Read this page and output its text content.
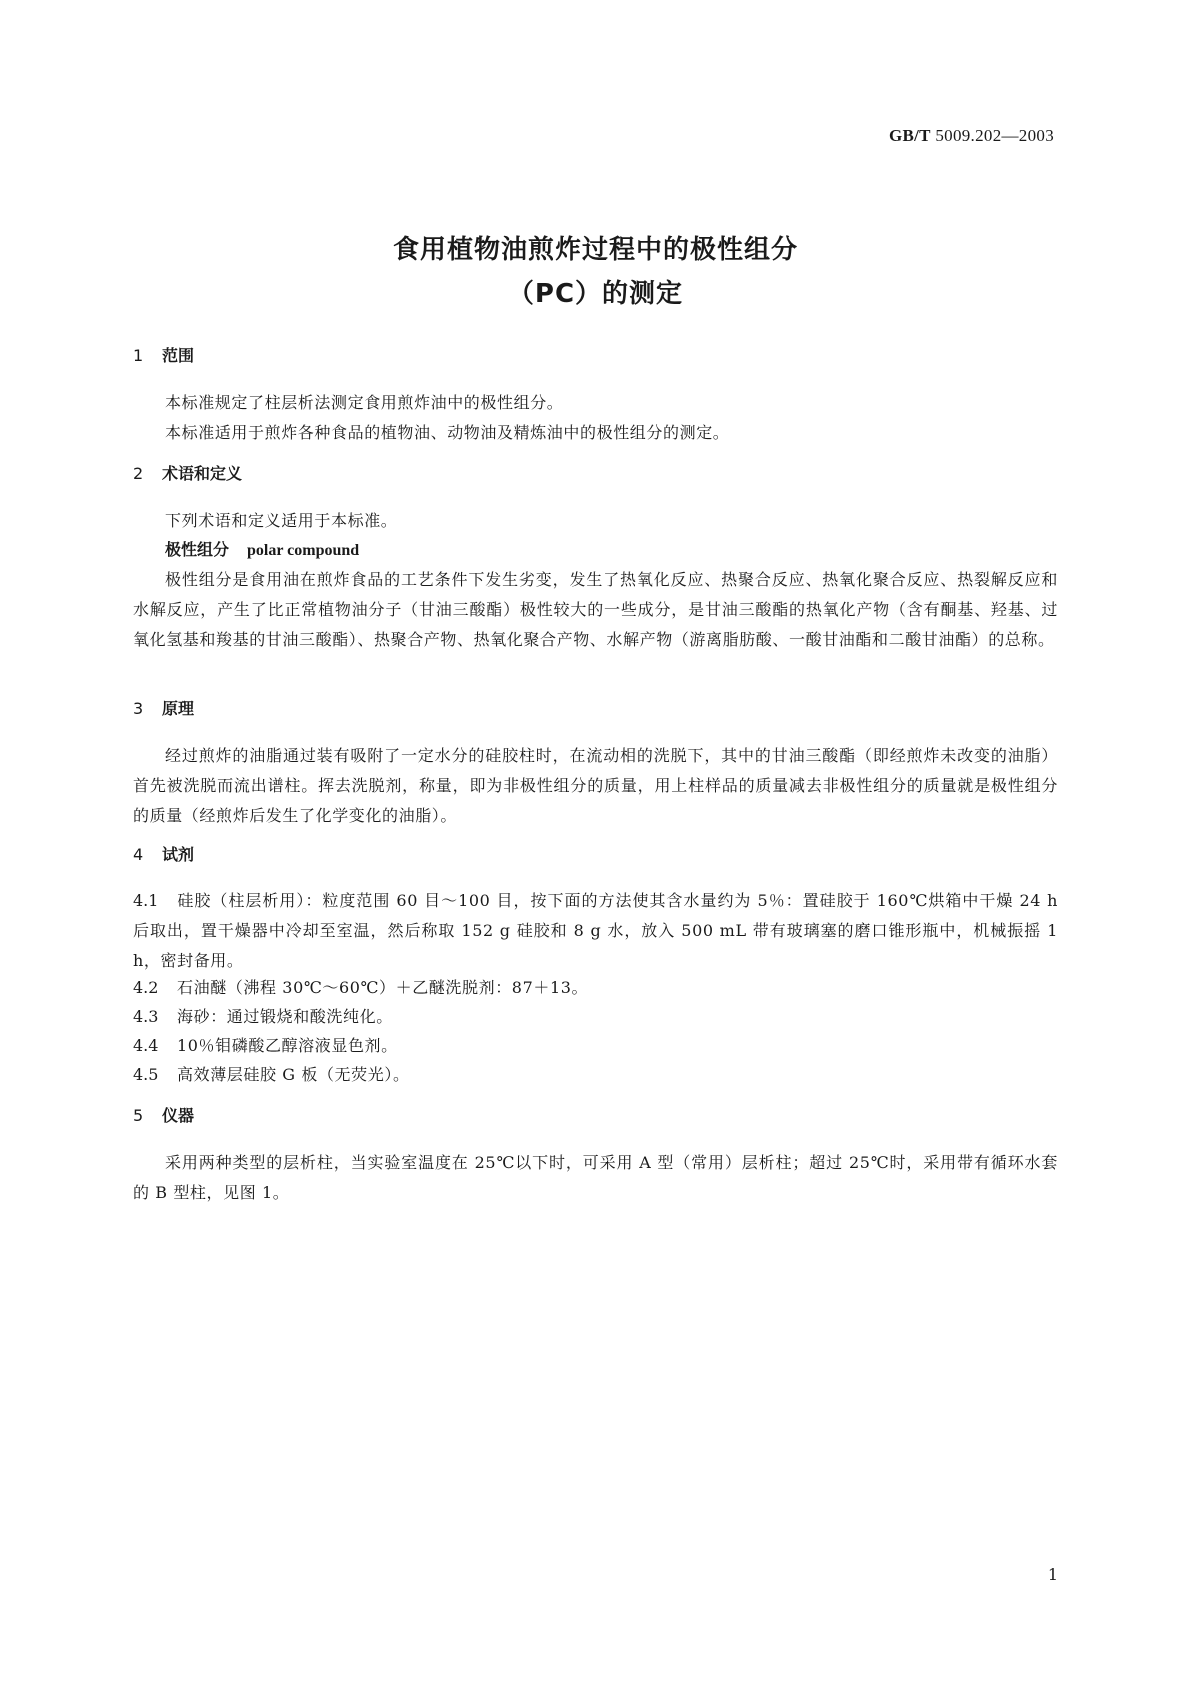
GB/T 5009.202—2003
食用植物油煎炸过程中的极性组分
（PC）的测定
1 范围
本标准规定了柱层析法测定食用煎炸油中的极性组分。
本标准适用于煎炸各种食品的植物油、动物油及精炼油中的极性组分的测定。
2 术语和定义
下列术语和定义适用于本标准。
极性组分 polar compound
极性组分是食用油在煎炸食品的工艺条件下发生劣变，发生了热氧化反应、热聚合反应、热氧化聚合反应、热裂解反应和水解反应，产生了比正常植物油分子（甘油三酸酯）极性较大的一些成分，是甘油三酸酯的热氧化产物（含有酮基、羟基、过氧化氢基和羧基的甘油三酸酯）、热聚合产物、热氧化聚合产物、水解产物（游离脂肪酸、一酸甘油酯和二酸甘油酯）的总称。
3 原理
经过煎炸的油脂通过装有吸附了一定水分的硅胶柱时，在流动相的洗脱下，其中的甘油三酸酯（即经煎炸未改变的油脂）首先被洗脱而流出谱柱。挥去洗脱剂，称量，即为非极性组分的质量，用上柱样品的质量减去非极性组分的质量就是极性组分的质量（经煎炸后发生了化学变化的油脂）。
4 试剂
4.1 硅胶（柱层析用）：粒度范围 60 目～100 目，按下面的方法使其含水量约为 5％：置硅胶于 160℃烘箱中干燥 24 h 后取出，置干燥器中冷却至室温，然后称取 152 g 硅胶和 8 g 水，放入 500 mL 带有玻璃塞的磨口锥形瓶中，机械振摇 1 h，密封备用。
4.2 石油醚（沸程 30℃～60℃）＋乙醚洗脱剂：87＋13。
4.3 海砂：通过锻烧和酸洗纯化。
4.4 10％钼磷酸乙醇溶液显色剂。
4.5 高效薄层硅胶 G 板（无荧光）。
5 仪器
采用两种类型的层析柱，当实验室温度在 25℃以下时，可采用 A 型（常用）层析柱；超过 25℃时，采用带有循环水套的 B 型柱，见图 1。
1
